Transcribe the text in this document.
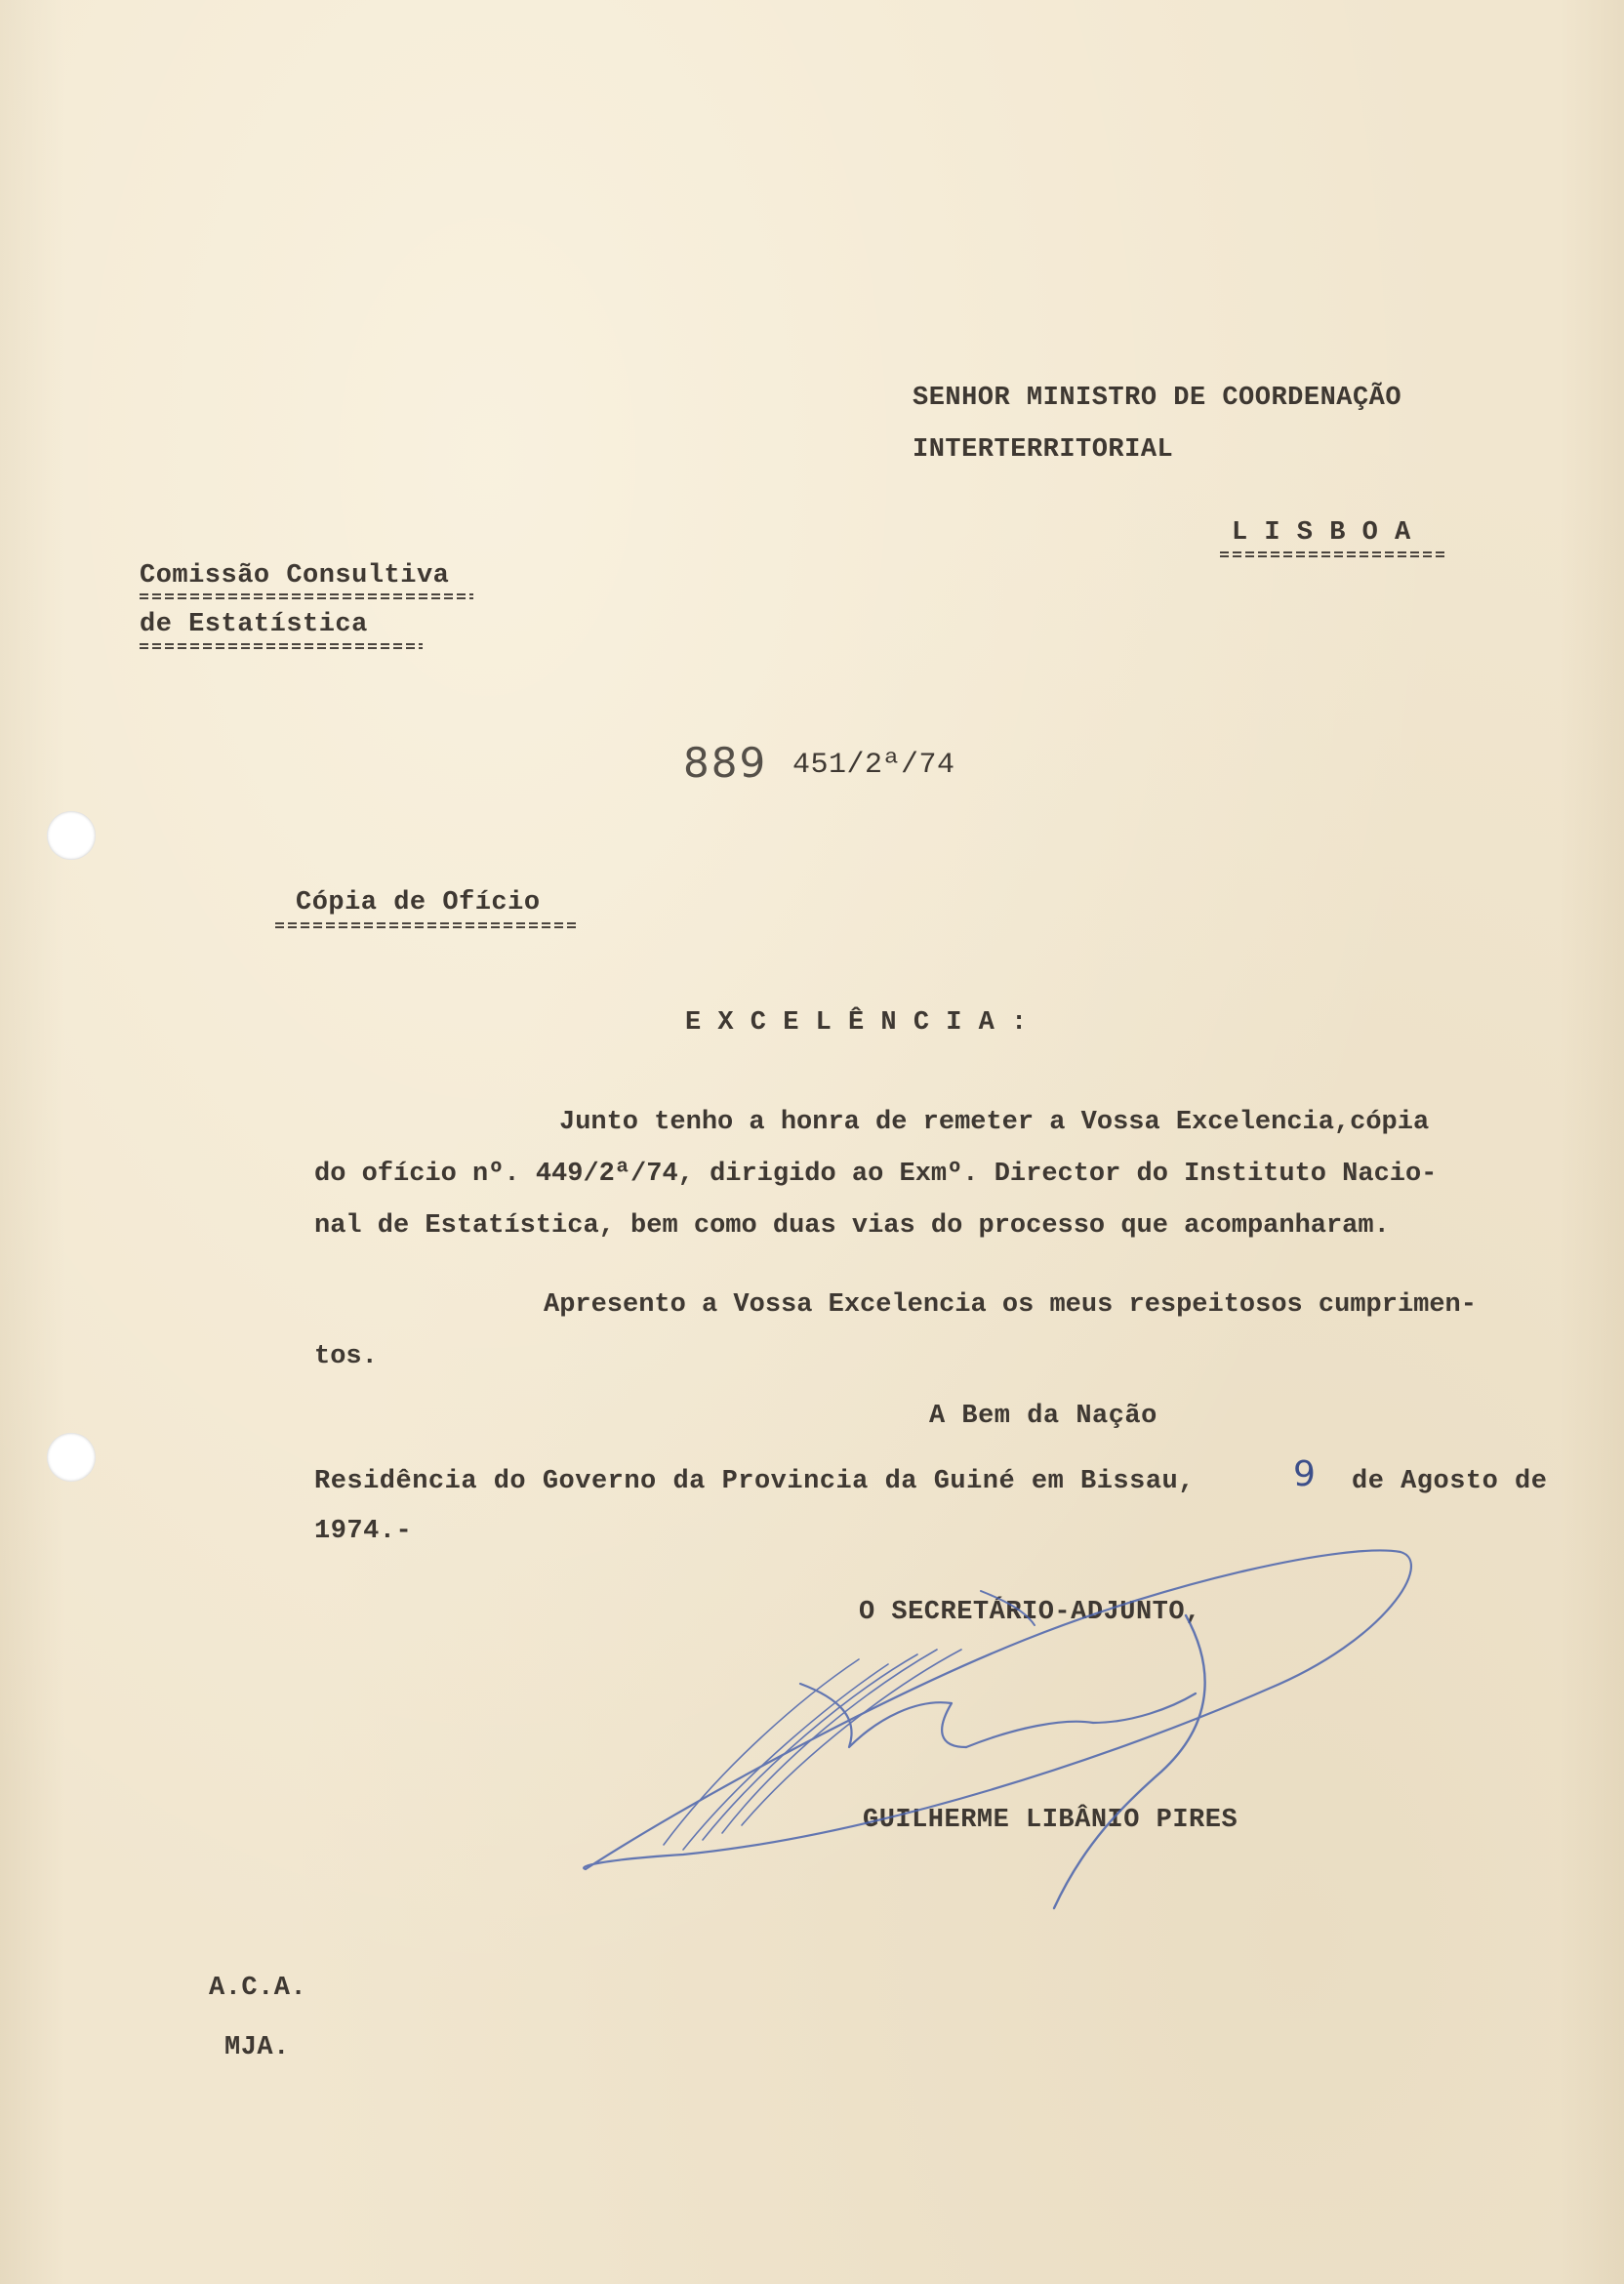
SENHOR MINISTRO DE COORDENAÇÃO
INTERTERRITORIAL
L I S B O A
Comissão Consultiva
de Estatística
889 451/2ª/74
Cópia de Ofício
E X C E L Ê N C I A :
Junto tenho a honra de remeter a Vossa Excelencia,cópia
do ofício nº. 449/2ª/74, dirigido ao Exmº. Director do Instituto Nacio-
nal de Estatística, bem como duas vias do processo que acompanharam.
Apresento a Vossa Excelencia os meus respeitosos cumprimen-
tos.
A Bem da Nação
Residência do Governo da Provincia da Guiné em Bissau,	9 de Agosto de
1974.-
O SECRETÁRIO-ADJUNTO,
GUILHERME LIBÂNIO PIRES
A.C.A.
MJA.
